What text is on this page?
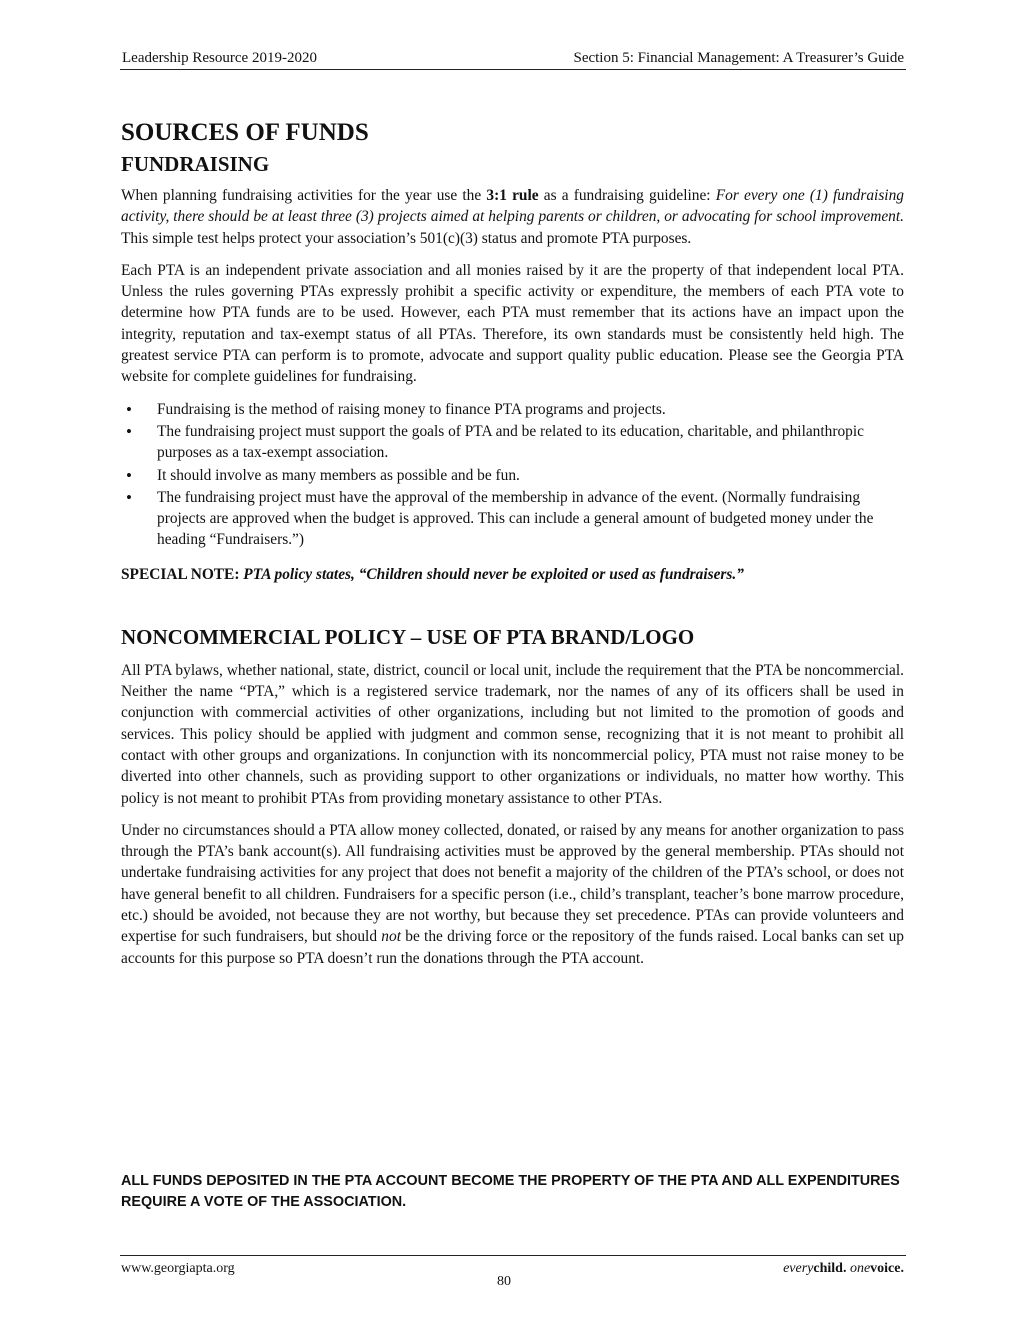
Leadership Resource 2019-2020	Section 5: Financial Management: A Treasurer’s Guide
SOURCES OF FUNDS
FUNDRAISING

When planning fundraising activities for the year use the 3:1 rule as a fundraising guideline: For every one (1) fundraising activity, there should be at least three (3) projects aimed at helping parents or children, or advocating for school improvement. This simple test helps protect your association’s 501(c)(3) status and promote PTA purposes.

Each PTA is an independent private association and all monies raised by it are the property of that independent local PTA. Unless the rules governing PTAs expressly prohibit a specific activity or expenditure, the members of each PTA vote to determine how PTA funds are to be used. However, each PTA must remember that its actions have an impact upon the integrity, reputation and tax-exempt status of all PTAs. Therefore, its own standards must be consistently held high. The greatest service PTA can perform is to promote, advocate and support quality public education. Please see the Georgia PTA website for complete guidelines for fundraising.

• Fundraising is the method of raising money to finance PTA programs and projects.
• The fundraising project must support the goals of PTA and be related to its education, charitable, and philanthropic purposes as a tax-exempt association.
• It should involve as many members as possible and be fun.
• The fundraising project must have the approval of the membership in advance of the event. (Normally fundraising projects are approved when the budget is approved. This can include a general amount of budgeted money under the heading “Fundraisers.”)
SPECIAL NOTE: PTA policy states, “Children should never be exploited or used as fundraisers.”
NONCOMMERCIAL POLICY – USE OF PTA BRAND/LOGO

All PTA bylaws, whether national, state, district, council or local unit, include the requirement that the PTA be noncommercial. Neither the name “PTA,” which is a registered service trademark, nor the names of any of its officers shall be used in conjunction with commercial activities of other organizations, including but not limited to the promotion of goods and services. This policy should be applied with judgment and common sense, recognizing that it is not meant to prohibit all contact with other groups and organizations. In conjunction with its noncommercial policy, PTA must not raise money to be diverted into other channels, such as providing support to other organizations or individuals, no matter how worthy. This policy is not meant to prohibit PTAs from providing monetary assistance to other PTAs.

Under no circumstances should a PTA allow money collected, donated, or raised by any means for another organization to pass through the PTA’s bank account(s). All fundraising activities must be approved by the general membership. PTAs should not undertake fundraising activities for any project that does not benefit a majority of the children of the PTA’s school, or does not have general benefit to all children. Fundraisers for a specific person (i.e., child’s transplant, teacher’s bone marrow procedure, etc.) should be avoided, not because they are not worthy, but because they set precedence. PTAs can provide volunteers and expertise for such fundraisers, but should not be the driving force or the repository of the funds raised. Local banks can set up accounts for this purpose so PTA doesn’t run the donations through the PTA account.

ALL FUNDS DEPOSITED IN THE PTA ACCOUNT BECOME THE PROPERTY OF THE PTA AND ALL EXPENDITURES REQUIRE A VOTE OF THE ASSOCIATION.
www.georgiapta.org
80
everychild. onevoice.
